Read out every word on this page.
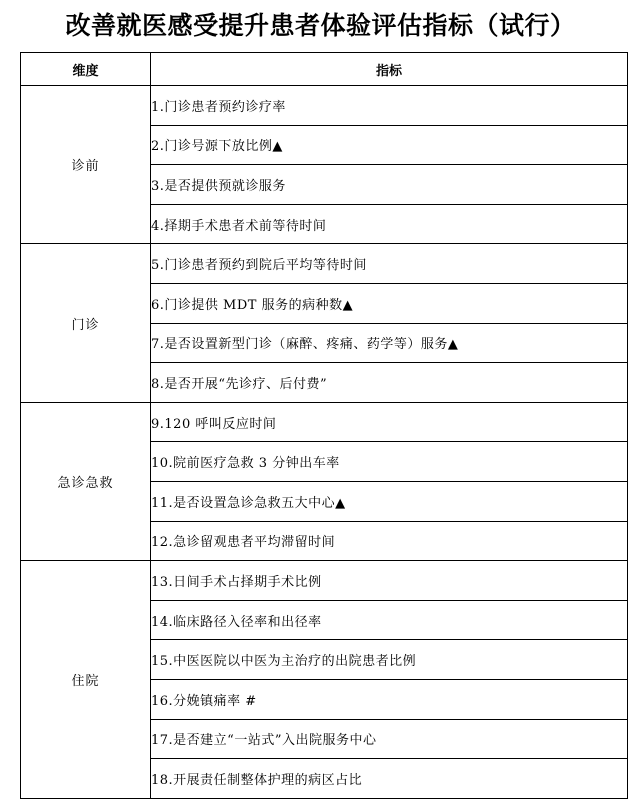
改善就医感受提升患者体验评估指标（试行）
维度	指标
诊前	1.门诊患者预约诊疗率
	2.门诊号源下放比例▲
	3.是否提供预就诊服务
	4.择期手术患者术前等待时间
门诊	5.门诊患者预约到院后平均等待时间
	6.门诊提供 MDT 服务的病种数▲
	7.是否设置新型门诊（麻醉、疼痛、药学等）服务▲
	8.是否开展“先诊疗、后付费”
急诊急救	9.120 呼叫反应时间
	10.院前医疗急救 3 分钟出车率
	11.是否设置急诊急救五大中心▲
	12.急诊留观患者平均滞留时间
住院	13.日间手术占择期手术比例
	14.临床路径入径率和出径率
	15.中医医院以中医为主治疗的出院患者比例
	16.分娩镇痛率 #
	17.是否建立“一站式”入出院服务中心
	18.开展责任制整体护理的病区占比
